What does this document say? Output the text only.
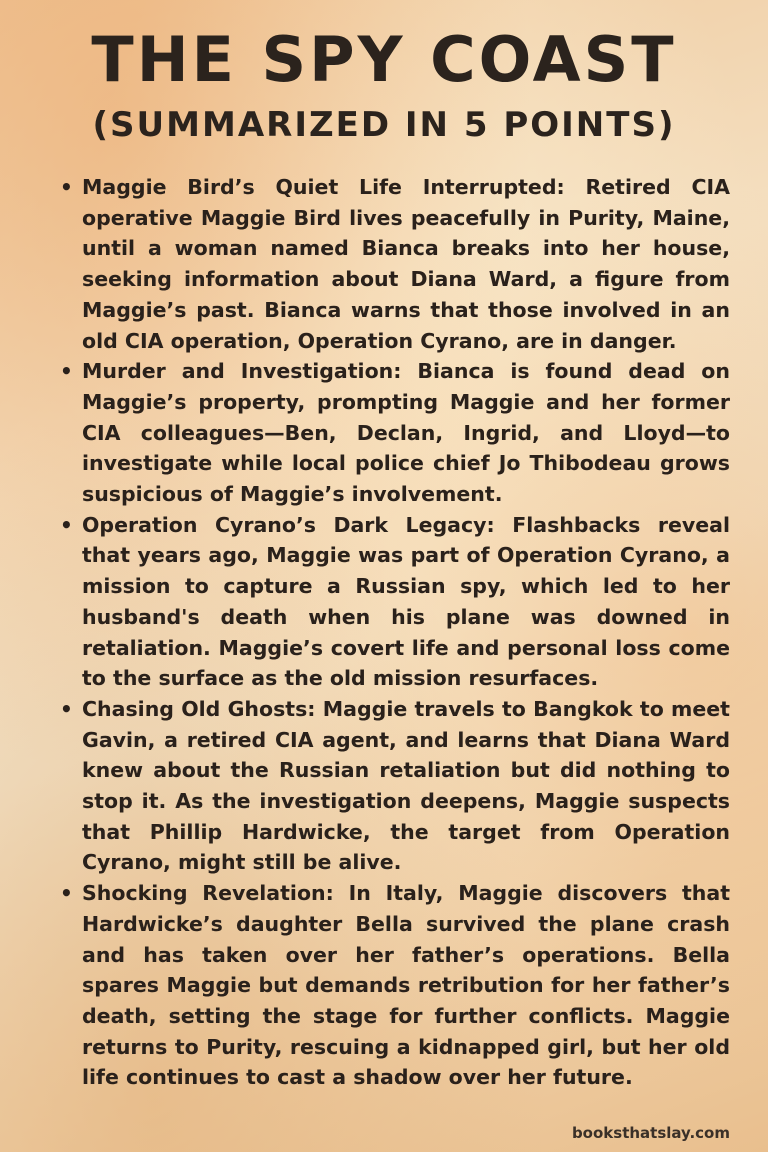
THE SPY COAST
(SUMMARIZED IN 5 POINTS)
• Maggie Bird’s Quiet Life Interrupted: Retired CIA operative Maggie Bird lives peacefully in Purity, Maine, until a woman named Bianca breaks into her house, seeking information about Diana Ward, a figure from Maggie’s past. Bianca warns that those involved in an old CIA operation, Operation Cyrano, are in danger.
• Murder and Investigation: Bianca is found dead on Maggie’s property, prompting Maggie and her former CIA colleagues—Ben, Declan, Ingrid, and Lloyd—to investigate while local police chief Jo Thibodeau grows suspicious of Maggie’s involvement.
• Operation Cyrano’s Dark Legacy: Flashbacks reveal that years ago, Maggie was part of Operation Cyrano, a mission to capture a Russian spy, which led to her husband's death when his plane was downed in retaliation. Maggie’s covert life and personal loss come to the surface as the old mission resurfaces.
• Chasing Old Ghosts: Maggie travels to Bangkok to meet Gavin, a retired CIA agent, and learns that Diana Ward knew about the Russian retaliation but did nothing to stop it. As the investigation deepens, Maggie suspects that Phillip Hardwicke, the target from Operation Cyrano, might still be alive.
• Shocking Revelation: In Italy, Maggie discovers that Hardwicke’s daughter Bella survived the plane crash and has taken over her father’s operations. Bella spares Maggie but demands retribution for her father’s death, setting the stage for further conflicts. Maggie returns to Purity, rescuing a kidnapped girl, but her old life continues to cast a shadow over her future.
booksthatslay.com
